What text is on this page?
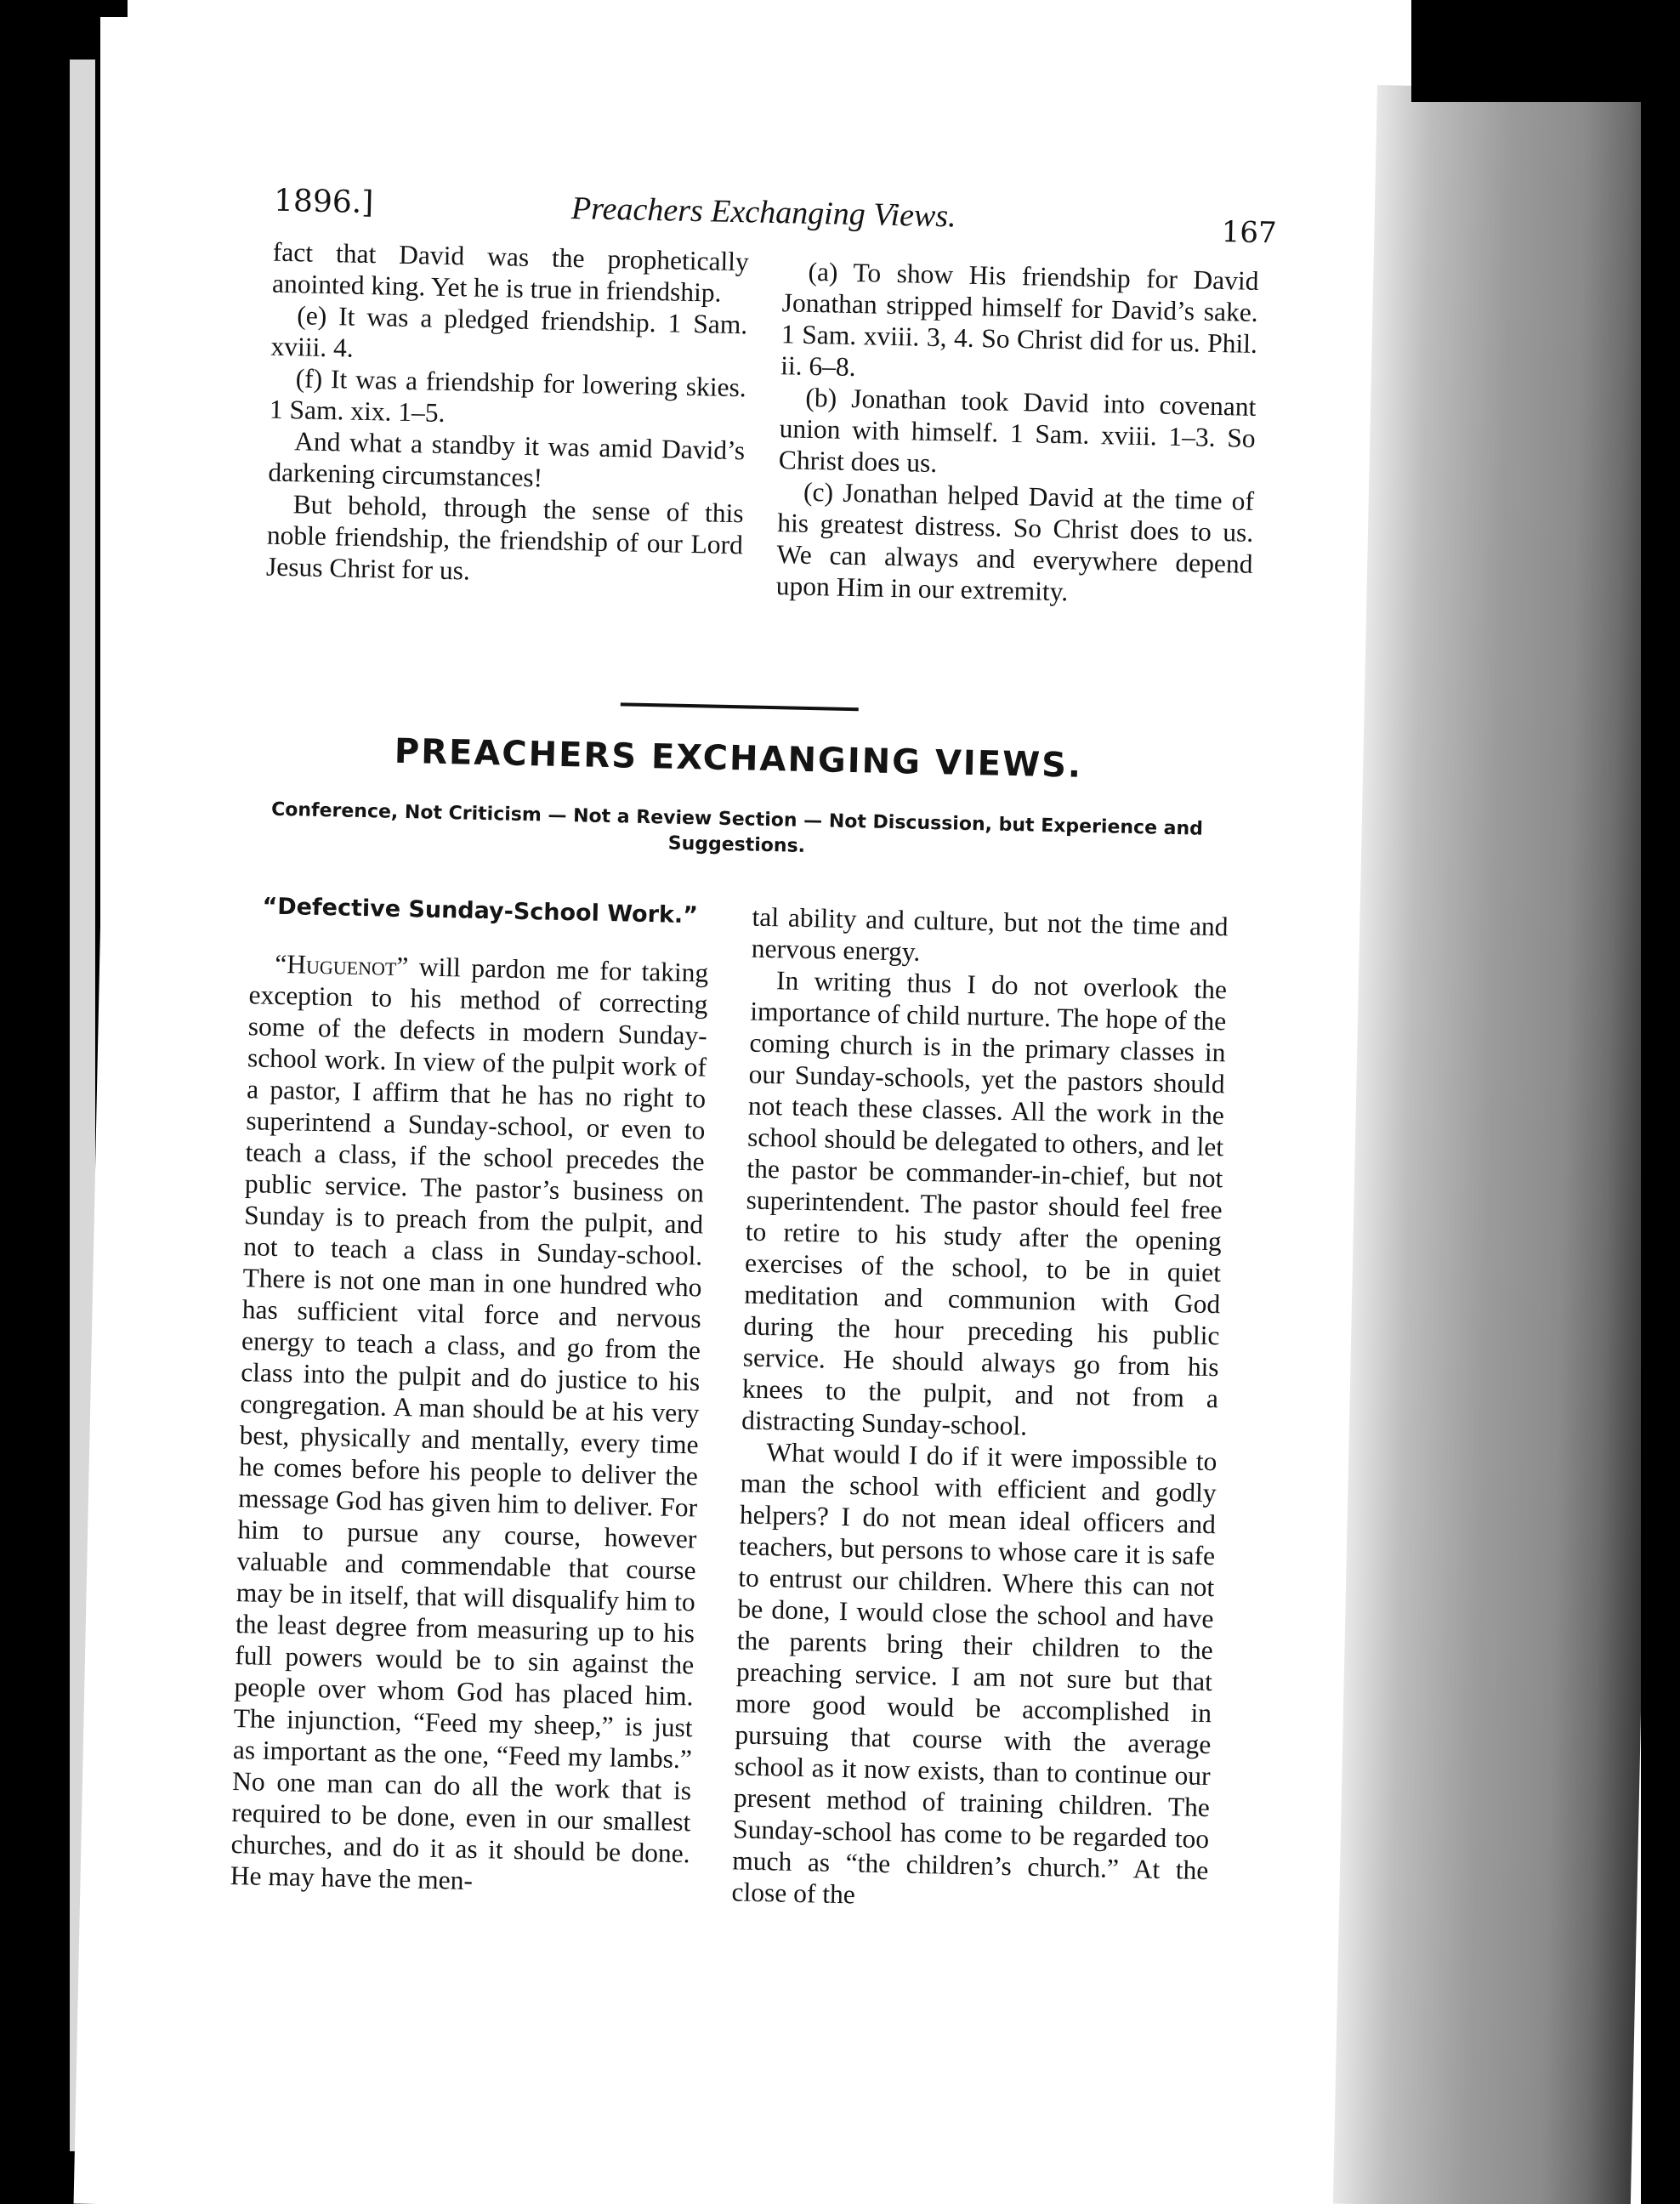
1896.]	Preachers Exchanging Views.	167

fact that David was the prophetically anointed king. Yet he is true in friendship.

(e) It was a pledged friendship. 1 Sam. xviii. 4.

(f) It was a friendship for lowering skies. 1 Sam. xix. 1–5.

And what a standby it was amid David’s darkening circumstances!

But behold, through the sense of this noble friendship, the friendship of our Lord Jesus Christ for us.

(a) To show His friendship for David Jonathan stripped himself for David’s sake. 1 Sam. xviii. 3, 4. So Christ did for us. Phil. ii. 6–8.

(b) Jonathan took David into covenant union with himself. 1 Sam. xviii. 1–3. So Christ does us.

(c) Jonathan helped David at the time of his greatest distress. So Christ does to us. We can always and everywhere depend upon Him in our extremity.

PREACHERS EXCHANGING VIEWS.
Conference, Not Criticism — Not a Review Section — Not Discussion, but Experience and Suggestions.

“Defective Sunday-School Work.”

“Huguenot” will pardon me for taking exception to his method of correcting some of the defects in modern Sunday-school work. In view of the pulpit work of a pastor, I affirm that he has no right to superintend a Sunday-school, or even to teach a class, if the school precedes the public service. The pastor’s business on Sunday is to preach from the pulpit, and not to teach a class in Sunday-school. There is not one man in one hundred who has sufficient vital force and nervous energy to teach a class, and go from the class into the pulpit and do justice to his congregation. A man should be at his very best, physically and mentally, every time he comes before his people to deliver the message God has given him to deliver. For him to pursue any course, however valuable and commendable that course may be in itself, that will disqualify him to the least degree from measuring up to his full powers would be to sin against the people over whom God has placed him. The injunction, “Feed my sheep,” is just as important as the one, “Feed my lambs.” No one man can do all the work that is required to be done, even in our smallest churches, and do it as it should be done. He may have the men-

tal ability and culture, but not the time and nervous energy.

In writing thus I do not overlook the importance of child nurture. The hope of the coming church is in the primary classes in our Sunday-schools, yet the pastors should not teach these classes. All the work in the school should be delegated to others, and let the pastor be commander-in-chief, but not superintendent. The pastor should feel free to retire to his study after the opening exercises of the school, to be in quiet meditation and communion with God during the hour preceding his public service. He should always go from his knees to the pulpit, and not from a distracting Sunday-school.

What would I do if it were impossible to man the school with efficient and godly helpers? I do not mean ideal officers and teachers, but persons to whose care it is safe to entrust our children. Where this can not be done, I would close the school and have the parents bring their children to the preaching service. I am not sure but that more good would be accomplished in pursuing that course with the average school as it now exists, than to continue our present method of training children. The Sunday-school has come to be regarded too much as “the children’s church.” At the close of the
